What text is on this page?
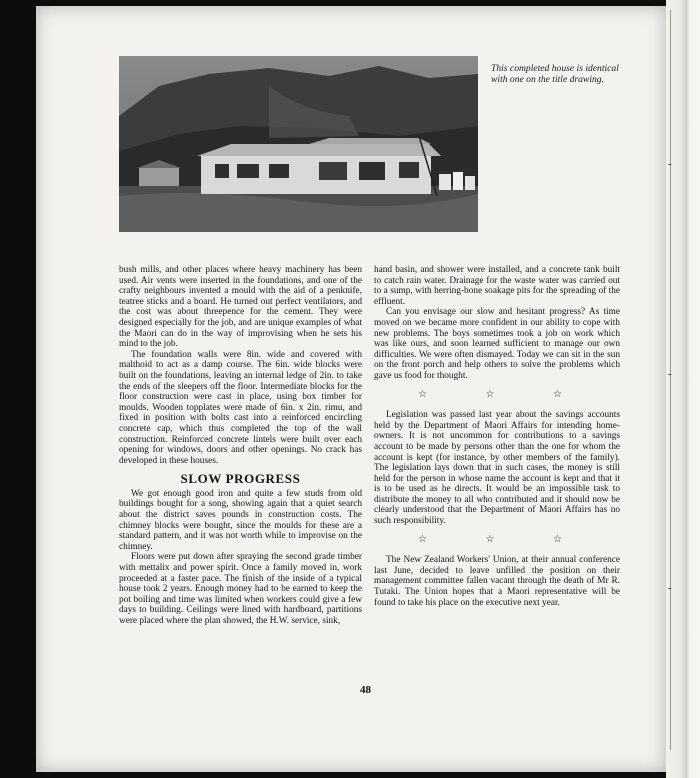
-
-
-
This completed house is identical with one on the title drawing.

bush mills, and other places where heavy machinery has been used. Air vents were inserted in the foundations, and one of the crafty neighbours invented a mould with the aid of a penknife, teatree sticks and a board. He turned out perfect ventilators, and the cost was about threepence for the cement. They were designed especially for the job, and are unique examples of what the Maori can do in the way of improvising when he sets his mind to the job.

The foundation walls were 8in. wide and covered with malthoid to act as a damp course. The 6in. wide blocks were built on the foundations, leaving an internal ledge of 2in. to take the ends of the sleepers off the floor. Intermediate blocks for the floor construction were cast in place, using box timber for moulds. Wooden topplates were made of 6in. x 2in. rimu, and fixed in position with bolts cast into a reinforced encircling concrete cap, which thus completed the top of the wall construction. Reinforced concrete lintels were built over each opening for windows, doors and other openings. No crack has developed in these houses.

SLOW PROGRESS

We got enough good iron and quite a few studs from old buildings bought for a song, showing again that a quiet search about the district saves pounds in construction costs. The chimney blocks were bought, since the moulds for these are a standard pattern, and it was not worth while to improvise on the chimney.

Floors were put down after spraying the second grade timber with mettalix and power spirit. Once a family moved in, work proceeded at a faster pace. The finish of the inside of a typical house took 2 years. Enough money had to be earned to keep the pot boiling and time was limited when workers could give a few days to building. Ceilings were lined with hardboard, partitions were placed where the plan showed, the H.W. service, sink,

hand basin, and shower were installed, and a concrete tank built to catch rain water. Drainage for the waste water was carried out to a sump, with herring-bone soakage pits for the spreading of the effluent.

Can you envisage our slow and hesitant progress? As time moved on we became more confident in our ability to cope with new problems. The boys sometimes took a job on work which was like ours, and soon learned sufficient to manage our own difficulties. We were often dismayed. Today we can sit in the sun on the front porch and help others to solve the problems which gave us food for thought.

☆ ☆ ☆

Legislation was passed last year about the savings accounts held by the Department of Maori Affairs for intending home-owners. It is not uncommon for contributions to a savings account to be made by persons other than the one for whom the account is kept (for instance, by other members of the family). The legislation lays down that in such cases, the money is still held for the person in whose name the account is kept and that it is to be used as he directs. It would be an impossible task to distribute the money to all who contributed and it should now be clearly understood that the Department of Maori Affairs has no such responsibility.

☆ ☆ ☆

The New Zealand Workers' Union, at their annual conference last June, decided to leave unfilled the position on their management committee fallen vacant through the death of Mr R. Tutaki. The Union hopes that a Maori representative will be found to take his place on the executive next year.

48
